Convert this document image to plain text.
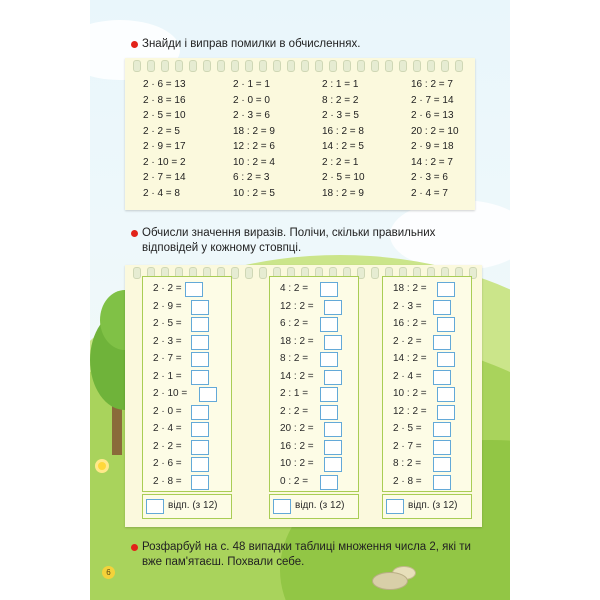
Знайди і виправ помилки в обчисленнях.
2 · 6 = 13
2 · 8 = 16
2 · 5 = 10
2 · 2 = 5
2 · 9 = 17
2 · 10 = 2
2 · 7 = 14
2 · 4 = 8
2 · 1 = 1
2 · 0 = 0
2 · 3 = 6
18 : 2 = 9
12 : 2 = 6
10 : 2 = 4
6 : 2 = 3
10 : 2 = 5
2 : 1 = 1
8 : 2 = 2
2 · 3 = 5
16 : 2 = 8
14 : 2 = 5
2 : 2 = 1
2 · 5 = 10
18 : 2 = 9
16 : 2 = 7
2 · 7 = 14
2 · 6 = 13
20 : 2 = 10
2 · 9 = 18
14 : 2 = 7
2 · 3 = 6
2 · 4 = 7
Обчисли значення виразів. Полічи, скільки правильних
відповідей у кожному стовпці.
2 · 2 =
2 · 9 =
2 · 5 =
2 · 3 =
2 · 7 =
2 · 1 =
2 · 10 =
2 · 0 =
2 · 4 =
2 · 2 =
2 · 6 =
2 · 8 =
4 : 2 =
12 : 2 =
6 : 2 =
18 : 2 =
8 : 2 =
14 : 2 =
2 : 1 =
2 : 2 =
20 : 2 =
16 : 2 =
10 : 2 =
0 : 2 =
18 : 2 =
2 · 3 =
16 : 2 =
2 · 2 =
14 : 2 =
2 · 4 =
10 : 2 =
12 : 2 =
2 · 5 =
2 · 7 =
8 : 2 =
2 · 8 =
відп. (з 12)	відп. (з 12)	відп. (з 12)
Розфарбуй на с. 48 випадки таблиці множення числа 2, які ти
вже пам'ятаєш. Похвали себе.
6
